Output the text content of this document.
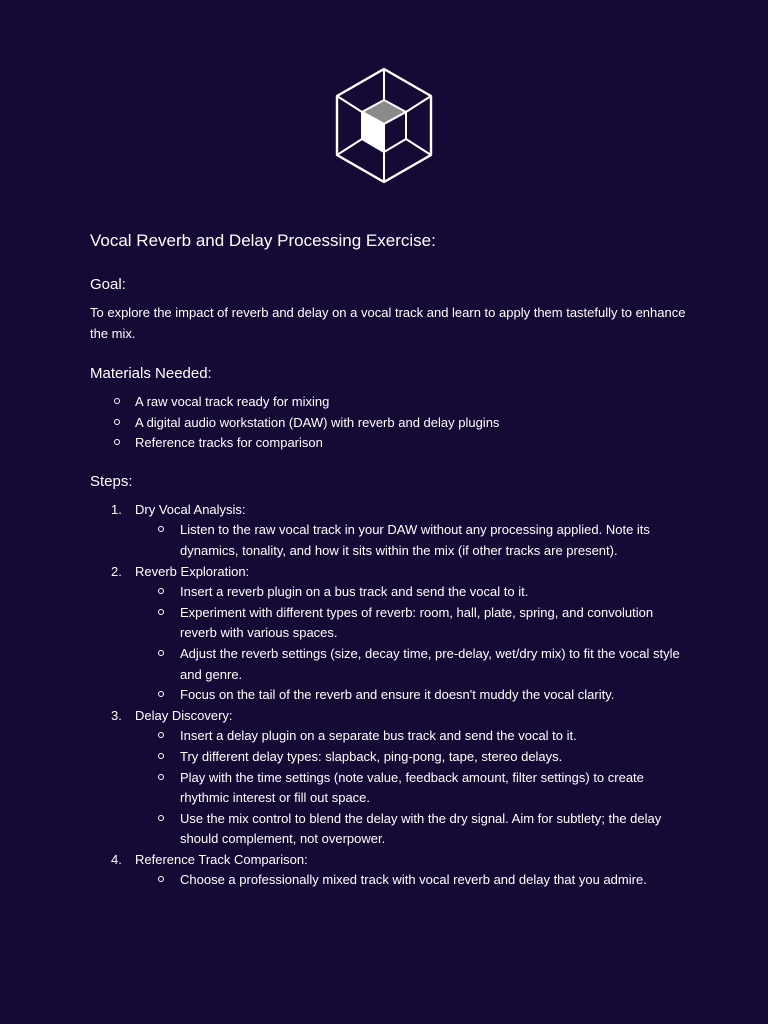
Vocal Reverb and Delay Processing Exercise:
Goal:

To explore the impact of reverb and delay on a vocal track and learn to apply them tastefully to enhance the mix.

Materials Needed:
A raw vocal track ready for mixing
A digital audio workstation (DAW) with reverb and delay plugins
Reference tracks for comparison
Steps:
1. Dry Vocal Analysis:
Listen to the raw vocal track in your DAW without any processing applied. Note its dynamics, tonality, and how it sits within the mix (if other tracks are present).
2. Reverb Exploration:
Insert a reverb plugin on a bus track and send the vocal to it.
Experiment with different types of reverb: room, hall, plate, spring, and convolution reverb with various spaces.
Adjust the reverb settings (size, decay time, pre-delay, wet/dry mix) to fit the vocal style and genre.
Focus on the tail of the reverb and ensure it doesn't muddy the vocal clarity.
3. Delay Discovery:
Insert a delay plugin on a separate bus track and send the vocal to it.
Try different delay types: slapback, ping-pong, tape, stereo delays.
Play with the time settings (note value, feedback amount, filter settings) to create rhythmic interest or fill out space.
Use the mix control to blend the delay with the dry signal. Aim for subtlety; the delay should complement, not overpower.
4. Reference Track Comparison:
Choose a professionally mixed track with vocal reverb and delay that you admire.
